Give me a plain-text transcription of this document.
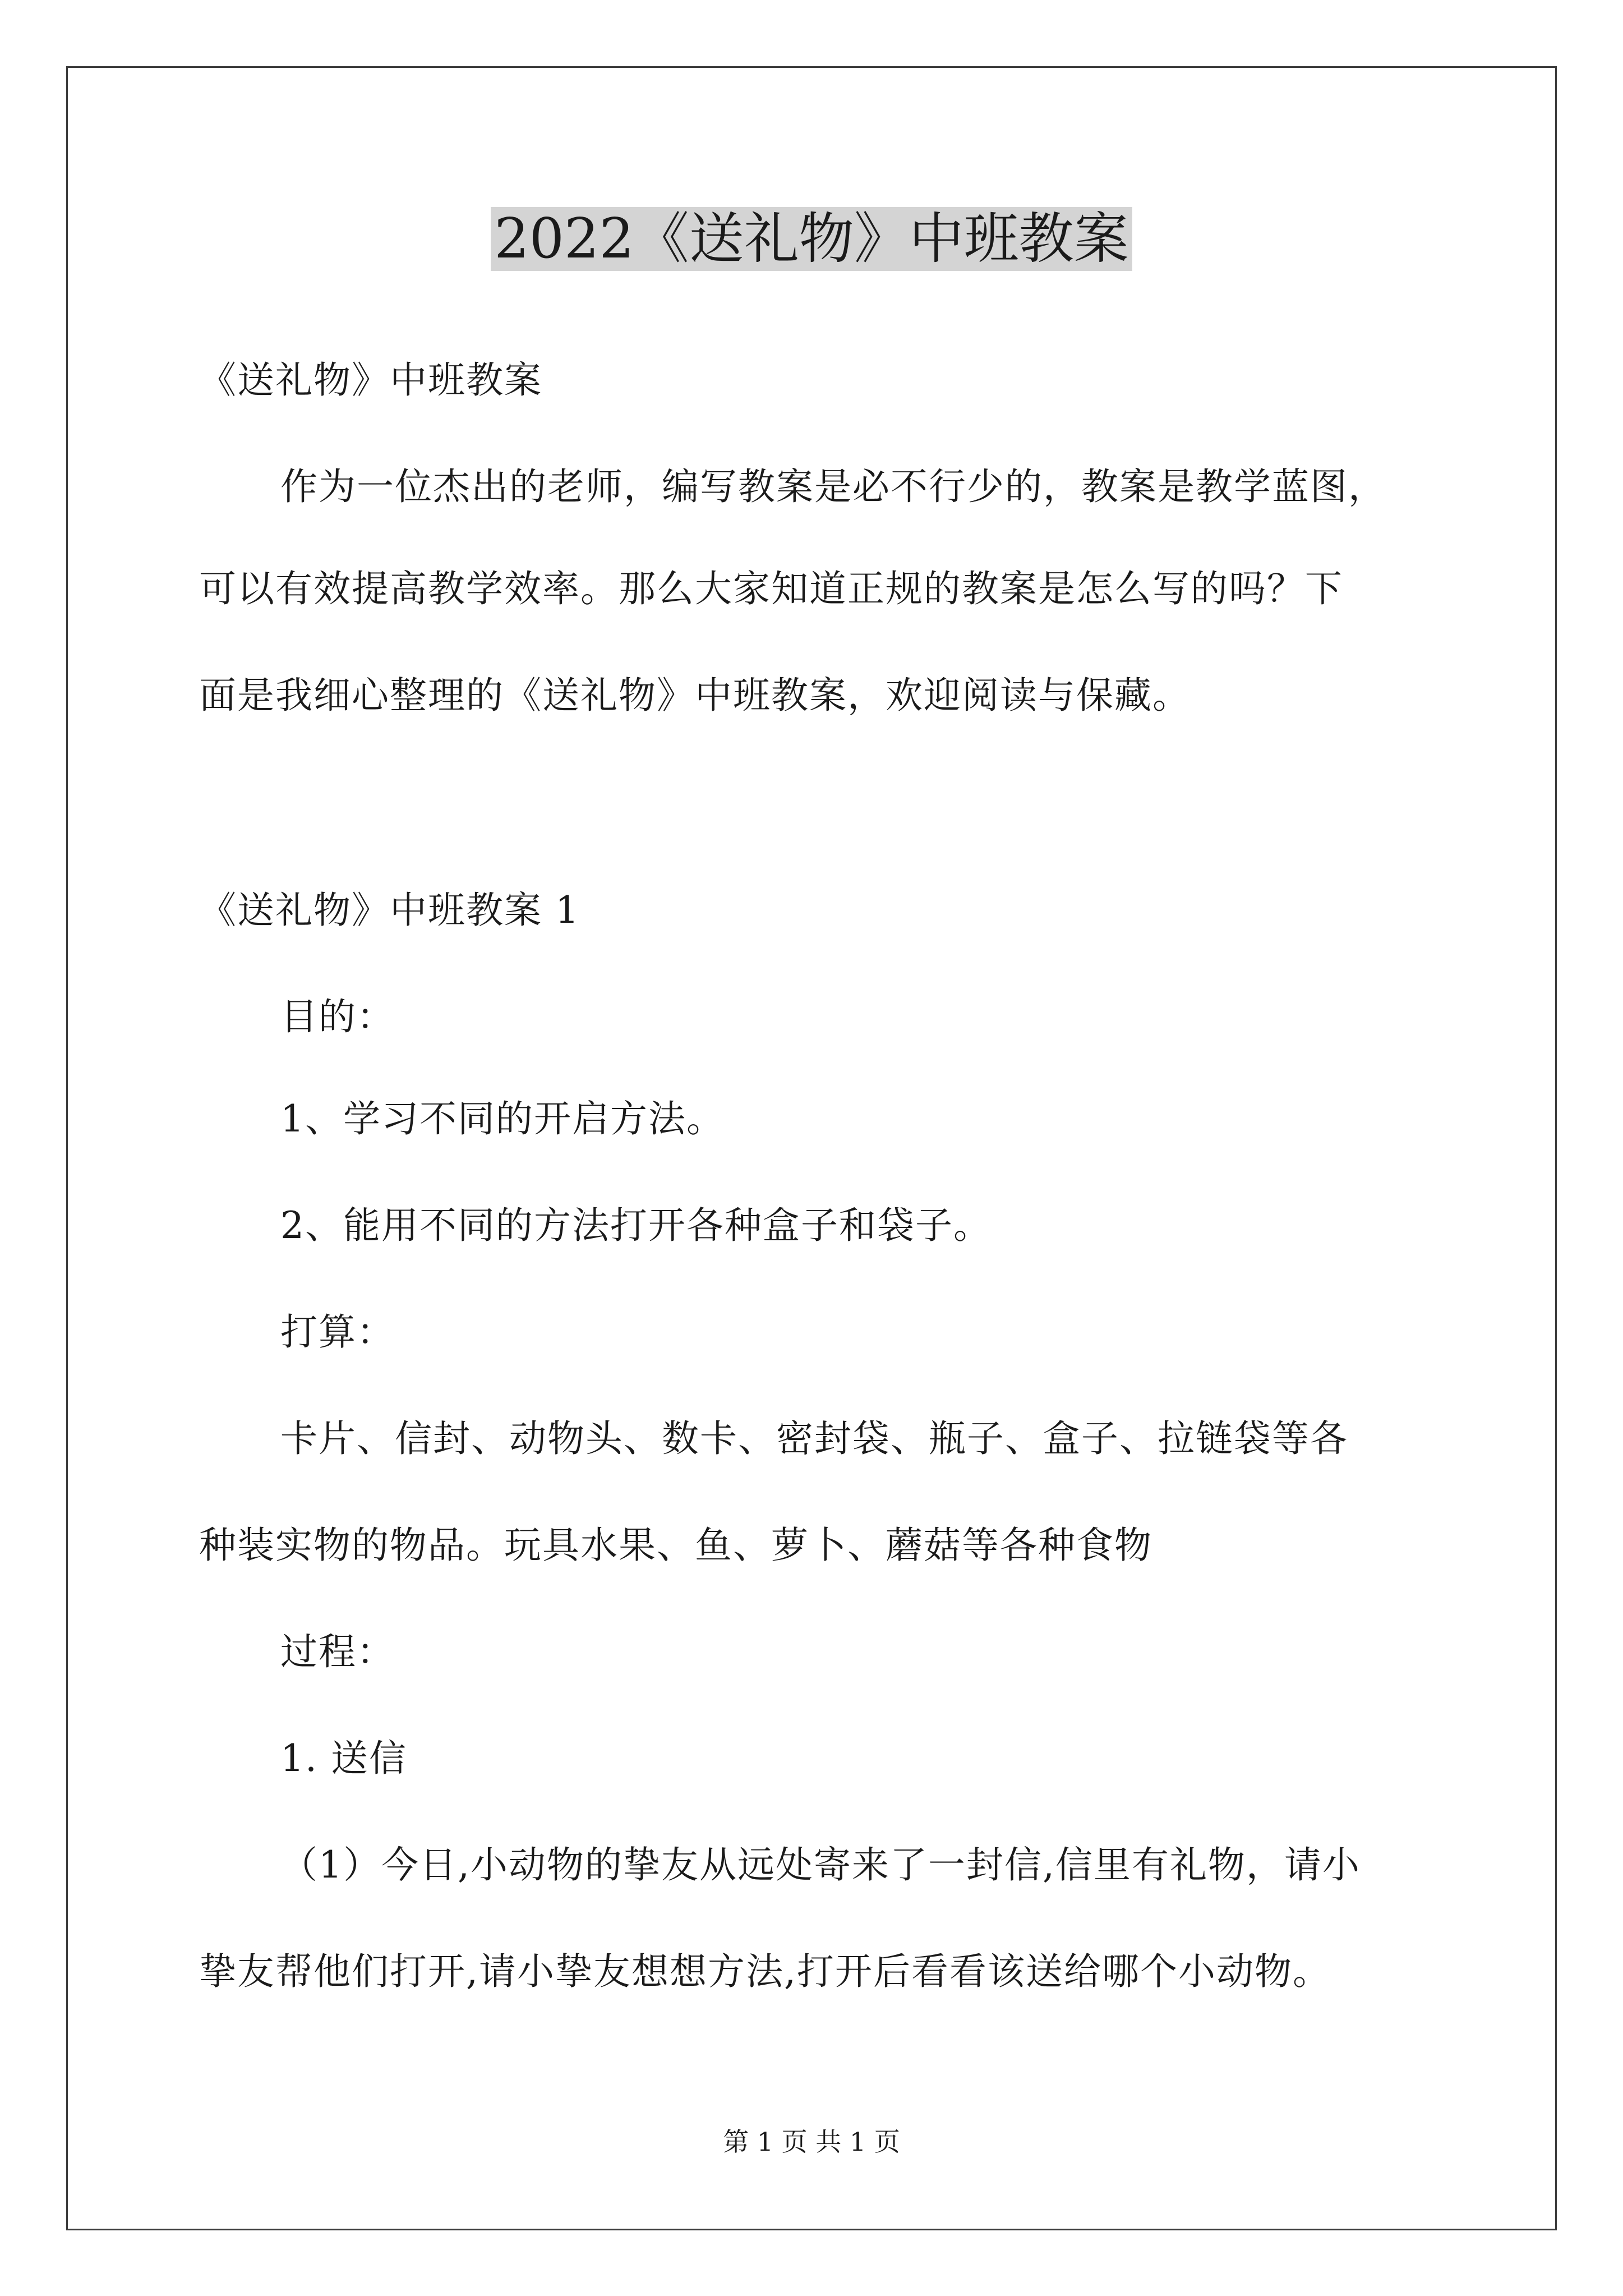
2022《送礼物》中班教案
《送礼物》中班教案
作为一位杰出的老师，编写教案是必不行少的，教案是教学蓝图，
可以有效提高教学效率。那么大家知道正规的教案是怎么写的吗？下
面是我细心整理的《送礼物》中班教案，欢迎阅读与保藏。
《送礼物》中班教案 1
目的：
1、学习不同的开启方法。
2、能用不同的方法打开各种盒子和袋子。
打算：
卡片、信封、动物头、数卡、密封袋、瓶子、盒子、拉链袋等各
种装实物的物品。玩具水果、鱼、萝卜、蘑菇等各种食物
过程：
1. 送信
（1）今日,小动物的挚友从远处寄来了一封信,信里有礼物，请小
挚友帮他们打开,请小挚友想想方法,打开后看看该送给哪个小动物。
第 1 页 共 1 页
